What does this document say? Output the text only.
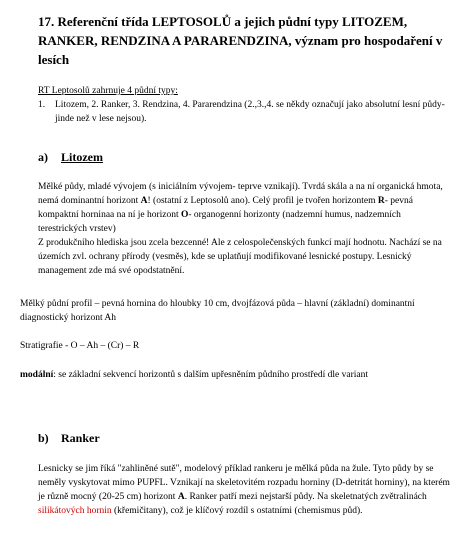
17. Referenční třída LEPTOSOLŮ a jejich půdní typy LITOZEM, RANKER, RENDZINA A PARARENDZINA, význam pro hospodaření v lesích
RT Leptosolů zahrnuje 4 půdní typy:
1. Litozem, 2. Ranker, 3. Rendzina, 4. Pararendzina (2.,3.,4. se někdy označují jako absolutní lesní půdy- jinde než v lese nejsou).
a) Litozem
Mělké půdy, mladé vývojem (s iniciálním vývojem- teprve vznikají). Tvrdá skála a na ní organická hmota, nemá dominantní horizont A! (ostatní z Leptosolů ano). Celý profil je tvořen horizontem R- pevná kompaktní horninaa na ní je horizont O- organogenní horizonty (nadzemní humus, nadzemních terestrických vrstev)
Z produkčního hlediska jsou zcela bezcenné! Ale z celospolečenských funkcí mají hodnotu. Nachází se na územích zvl. ochrany přírody (vesměs), kde se uplatňují modifikované lesnické postupy. Lesnický management zde má své opodstatnění.
Mělký půdní profil – pevná hornina do hloubky 10 cm, dvojfázová půda – hlavní (základní) dominantní diagnostický horizont Ah
Stratigrafie - O – Ah – (Cr) – R
modální: se základní sekvencí horizontů s dalším upřesněním půdního prostředí dle variant
b) Ranker
Lesnicky se jim říká "zahliněné sutě", modelový příklad rankeru je mělká půda na žule. Tyto půdy by se neměly vyskytovat mimo PUPFL. Vznikají na skeletovitém rozpadu horniny (D-detritát horniny), na kterém je různě mocný (20-25 cm) horizont A. Ranker patří mezi nejstarší půdy. Na skeletnatých zvětralinách silikátových hornin (křemičitany), což je klíčový rozdíl s ostatními (chemismus půd).
